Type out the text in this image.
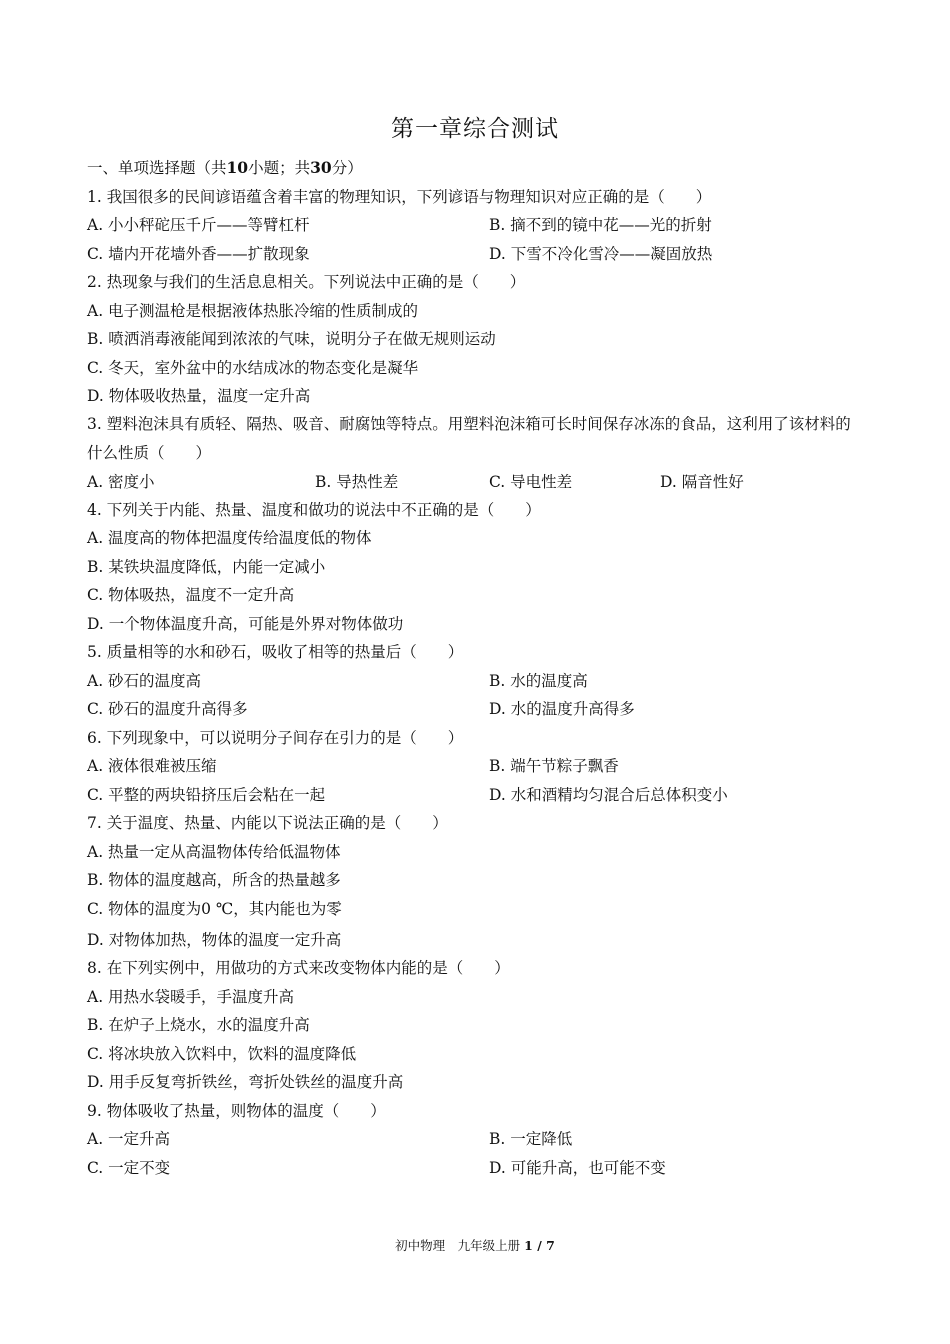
第一章综合测试
一、单项选择题（共10小题；共30分）
1. 我国很多的民间谚语蕴含着丰富的物理知识，下列谚语与物理知识对应正确的是（　　）
A. 小小秤砣压千斤——等臂杠杆	B. 摘不到的镜中花——光的折射
C. 墙内开花墙外香——扩散现象	D. 下雪不冷化雪冷——凝固放热
2. 热现象与我们的生活息息相关。下列说法中正确的是（　　）
A. 电子测温枪是根据液体热胀冷缩的性质制成的
B. 喷洒消毒液能闻到浓浓的气味，说明分子在做无规则运动
C. 冬天，室外盆中的水结成冰的物态变化是凝华
D. 物体吸收热量，温度一定升高
3. 塑料泡沫具有质轻、隔热、吸音、耐腐蚀等特点。用塑料泡沫箱可长时间保存冰冻的食品，这利用了该材料的什么性质（　　）
A. 密度小	B. 导热性差	C. 导电性差	D. 隔音性好
4. 下列关于内能、热量、温度和做功的说法中不正确的是（　　）
A. 温度高的物体把温度传给温度低的物体
B. 某铁块温度降低，内能一定减小
C. 物体吸热，温度不一定升高
D. 一个物体温度升高，可能是外界对物体做功
5. 质量相等的水和砂石，吸收了相等的热量后（　　）
A. 砂石的温度高	B. 水的温度高
C. 砂石的温度升高得多	D. 水的温度升高得多
6. 下列现象中，可以说明分子间存在引力的是（　　）
A. 液体很难被压缩	B. 端午节粽子飘香
C. 平整的两块铅挤压后会粘在一起	D. 水和酒精均匀混合后总体积变小
7. 关于温度、热量、内能以下说法正确的是（　　）
A. 热量一定从高温物体传给低温物体
B. 物体的温度越高，所含的热量越多
C. 物体的温度为0 ℃，其内能也为零
D. 对物体加热，物体的温度一定升高
8. 在下列实例中，用做功的方式来改变物体内能的是（　　）
A. 用热水袋暖手，手温度升高
B. 在炉子上烧水，水的温度升高
C. 将冰块放入饮料中，饮料的温度降低
D. 用手反复弯折铁丝，弯折处铁丝的温度升高
9. 物体吸收了热量，则物体的温度（　　）
A. 一定升高	B. 一定降低
C. 一定不变	D. 可能升高，也可能不变
初中物理　九年级上册 1 / 7
